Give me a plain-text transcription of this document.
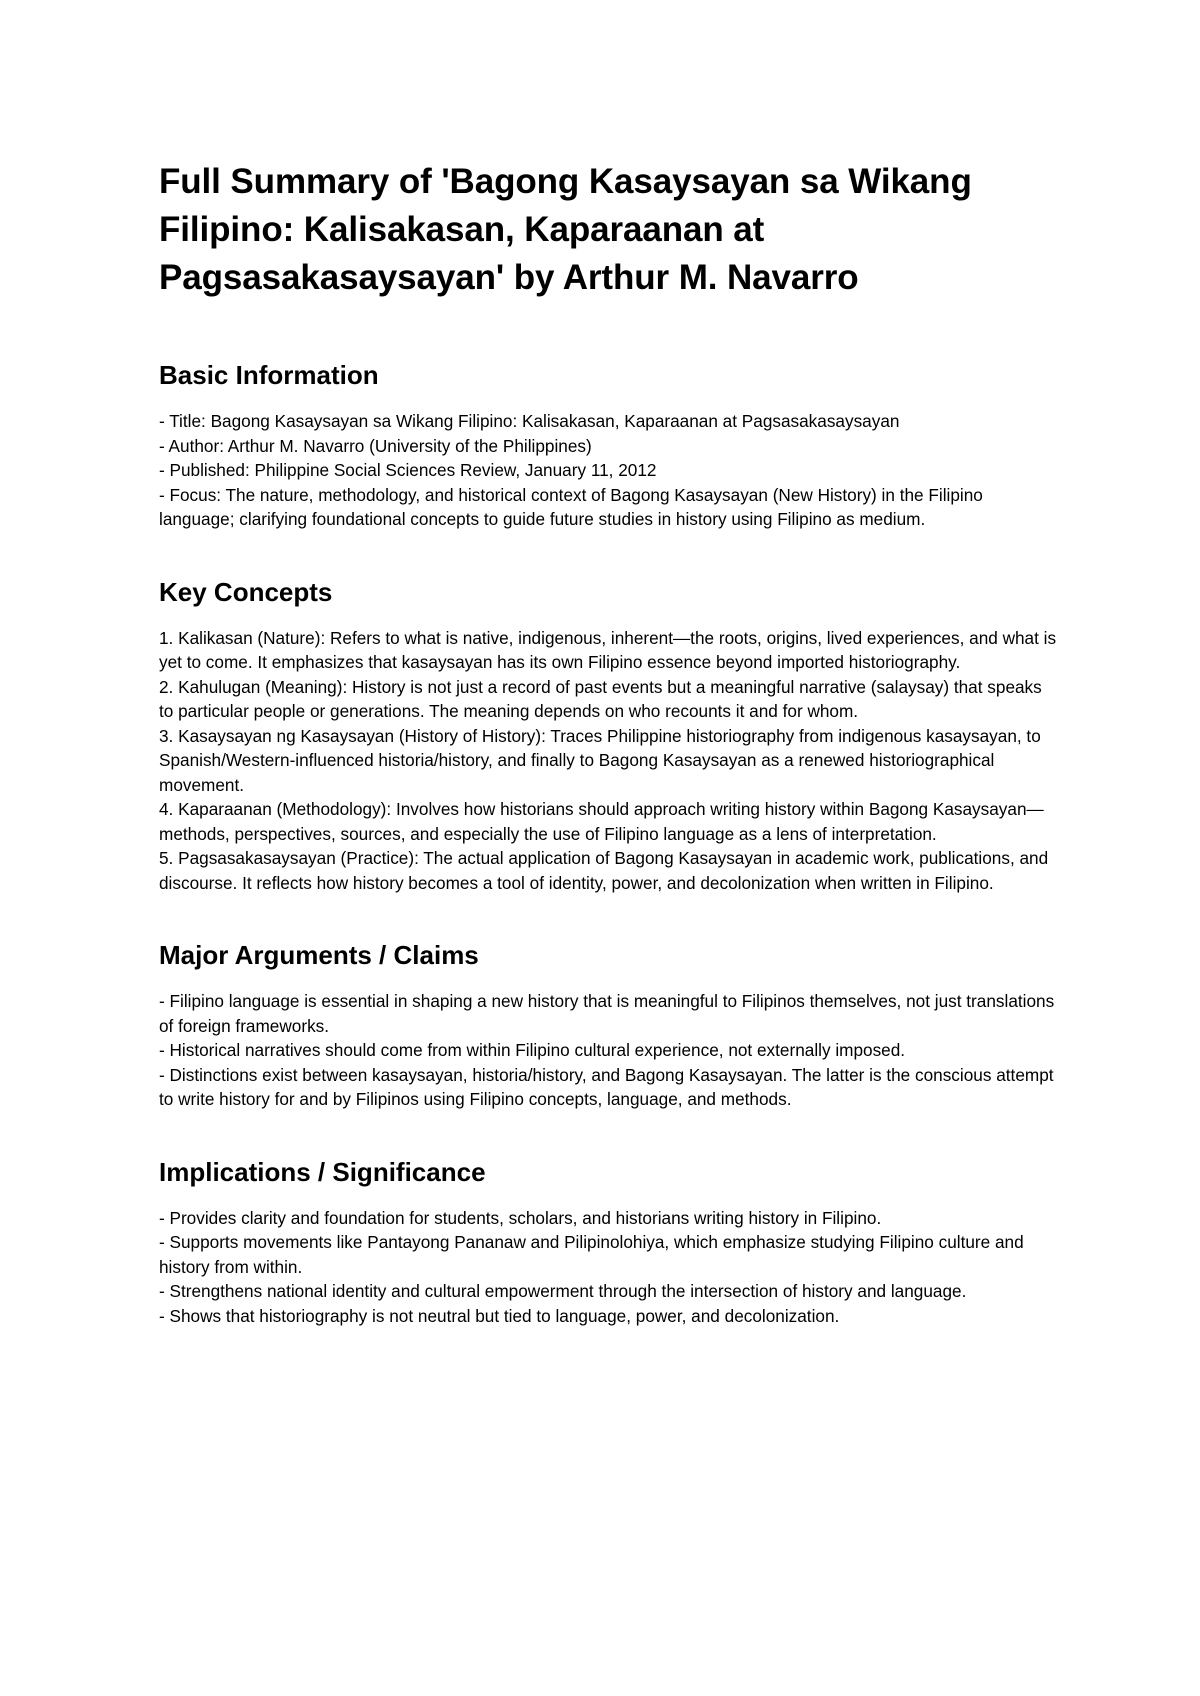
Full Summary of 'Bagong Kasaysayan sa Wikang Filipino: Kalisakasan, Kaparaanan at Pagsasakasaysayan' by Arthur M. Navarro
Basic Information

- Title: Bagong Kasaysayan sa Wikang Filipino: Kalisakasan, Kaparaanan at Pagsasakasaysayan

- Author: Arthur M. Navarro (University of the Philippines)

- Published: Philippine Social Sciences Review, January 11, 2012

- Focus: The nature, methodology, and historical context of Bagong Kasaysayan (New History) in the Filipino language; clarifying foundational concepts to guide future studies in history using Filipino as medium.

Key Concepts

1. Kalikasan (Nature): Refers to what is native, indigenous, inherent—the roots, origins, lived experiences, and what is yet to come. It emphasizes that kasaysayan has its own Filipino essence beyond imported historiography.

2. Kahulugan (Meaning): History is not just a record of past events but a meaningful narrative (salaysay) that speaks to particular people or generations. The meaning depends on who recounts it and for whom.

3. Kasaysayan ng Kasaysayan (History of History): Traces Philippine historiography from indigenous kasaysayan, to Spanish/Western-influenced historia/history, and finally to Bagong Kasaysayan as a renewed historiographical movement.

4. Kaparaanan (Methodology): Involves how historians should approach writing history within Bagong Kasaysayan—methods, perspectives, sources, and especially the use of Filipino language as a lens of interpretation.

5. Pagsasakasaysayan (Practice): The actual application of Bagong Kasaysayan in academic work, publications, and discourse. It reflects how history becomes a tool of identity, power, and decolonization when written in Filipino.

Major Arguments / Claims

- Filipino language is essential in shaping a new history that is meaningful to Filipinos themselves, not just translations of foreign frameworks.

- Historical narratives should come from within Filipino cultural experience, not externally imposed.

- Distinctions exist between kasaysayan, historia/history, and Bagong Kasaysayan. The latter is the conscious attempt to write history for and by Filipinos using Filipino concepts, language, and methods.

Implications / Significance

- Provides clarity and foundation for students, scholars, and historians writing history in Filipino.

- Supports movements like Pantayong Pananaw and Pilipinolohiya, which emphasize studying Filipino culture and history from within.

- Strengthens national identity and cultural empowerment through the intersection of history and language.

- Shows that historiography is not neutral but tied to language, power, and decolonization.
